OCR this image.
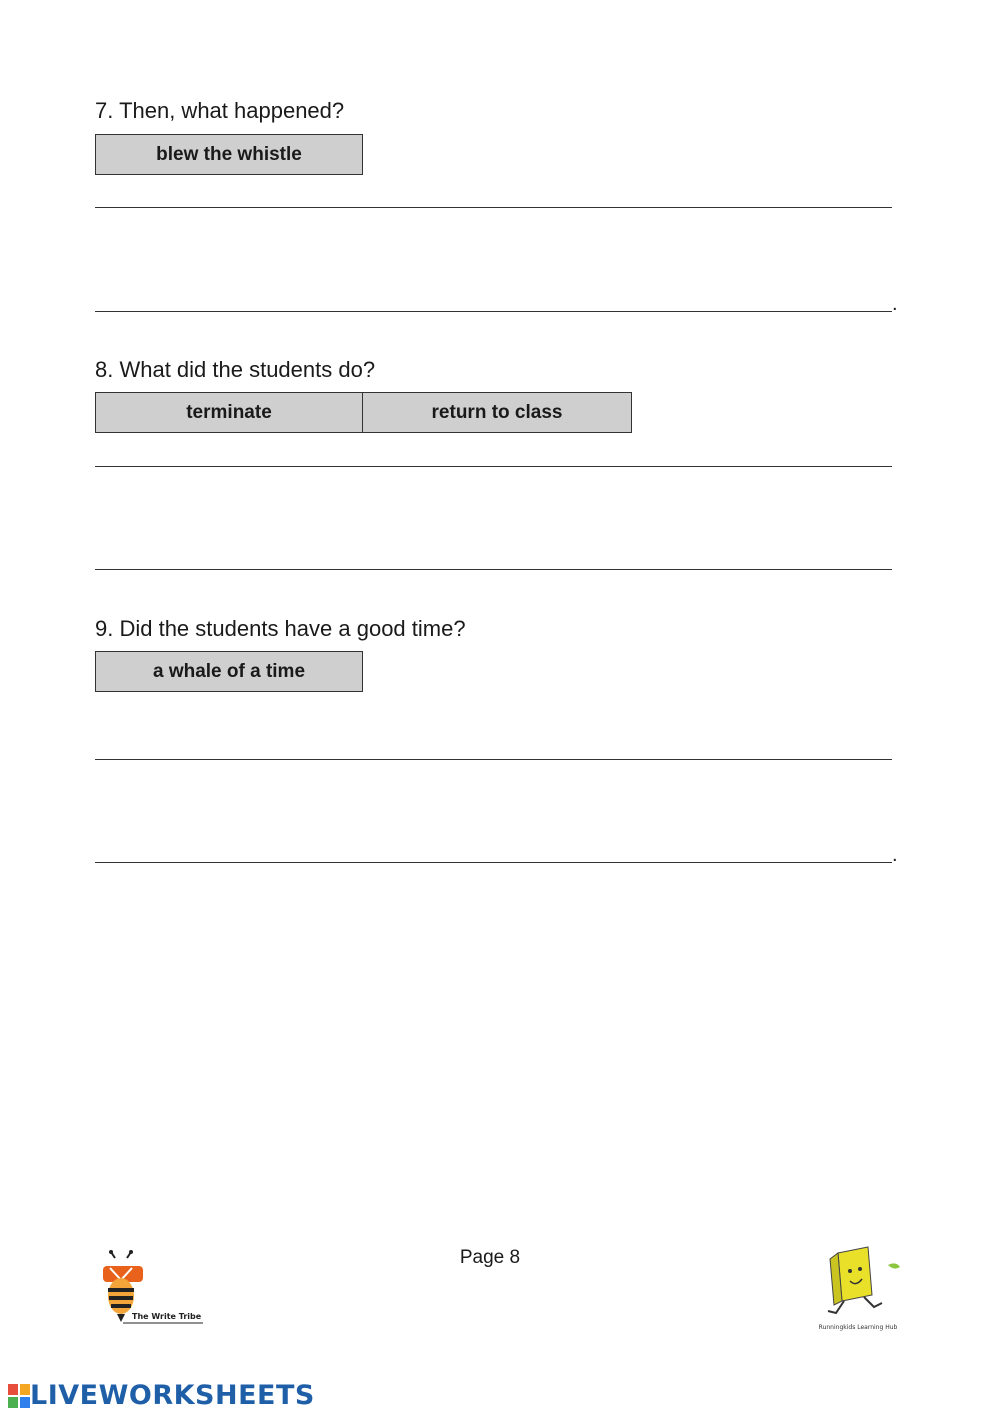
7. Then, what happened?
blew the whistle
.
8. What did the students do?
terminate	return to class
9. Did the students have a good time?
a whale of a time
.
Page 8
The Write Tribe
Runningkids Learning Hub
LIVEWORKSHEETS
